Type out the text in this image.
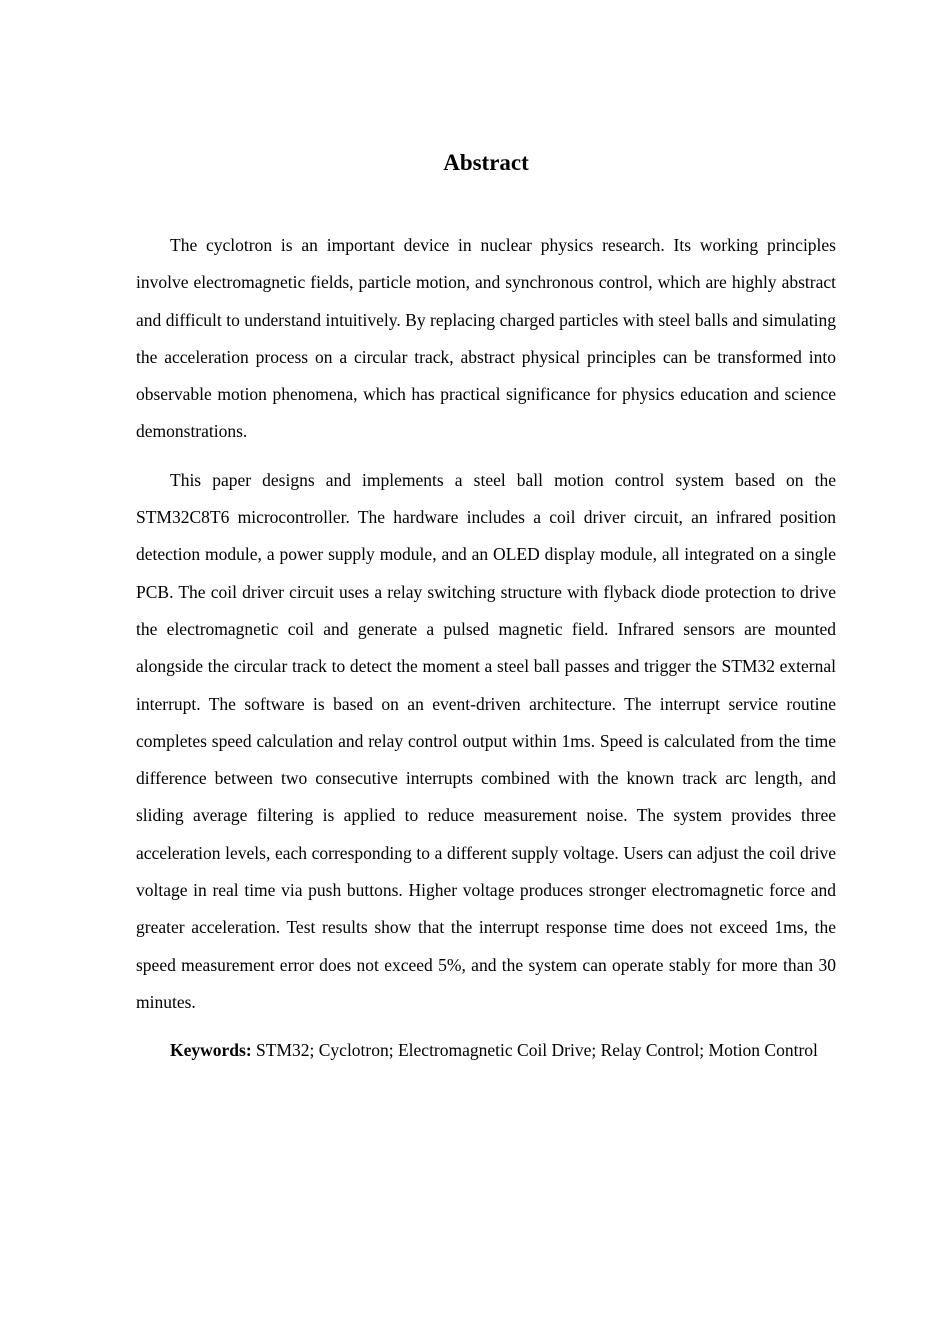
Abstract

The cyclotron is an important device in nuclear physics research. Its working principles involve electromagnetic fields, particle motion, and synchronous control, which are highly abstract and difficult to understand intuitively. By replacing charged particles with steel balls and simulating the acceleration process on a circular track, abstract physical principles can be transformed into observable motion phenomena, which has practical significance for physics education and science demonstrations.

This paper designs and implements a steel ball motion control system based on the STM32C8T6 microcontroller. The hardware includes a coil driver circuit, an infrared position detection module, a power supply module, and an OLED display module, all integrated on a single PCB. The coil driver circuit uses a relay switching structure with flyback diode protection to drive the electromagnetic coil and generate a pulsed magnetic field. Infrared sensors are mounted alongside the circular track to detect the moment a steel ball passes and trigger the STM32 external interrupt. The software is based on an event-driven architecture. The interrupt service routine completes speed calculation and relay control output within 1ms. Speed is calculated from the time difference between two consecutive interrupts combined with the known track arc length, and sliding average filtering is applied to reduce measurement noise. The system provides three acceleration levels, each corresponding to a different supply voltage. Users can adjust the coil drive voltage in real time via push buttons. Higher voltage produces stronger electromagnetic force and greater acceleration. Test results show that the interrupt response time does not exceed 1ms, the speed measurement error does not exceed 5%, and the system can operate stably for more than 30 minutes.

Keywords: STM32; Cyclotron; Electromagnetic Coil Drive; Relay Control; Motion Control
